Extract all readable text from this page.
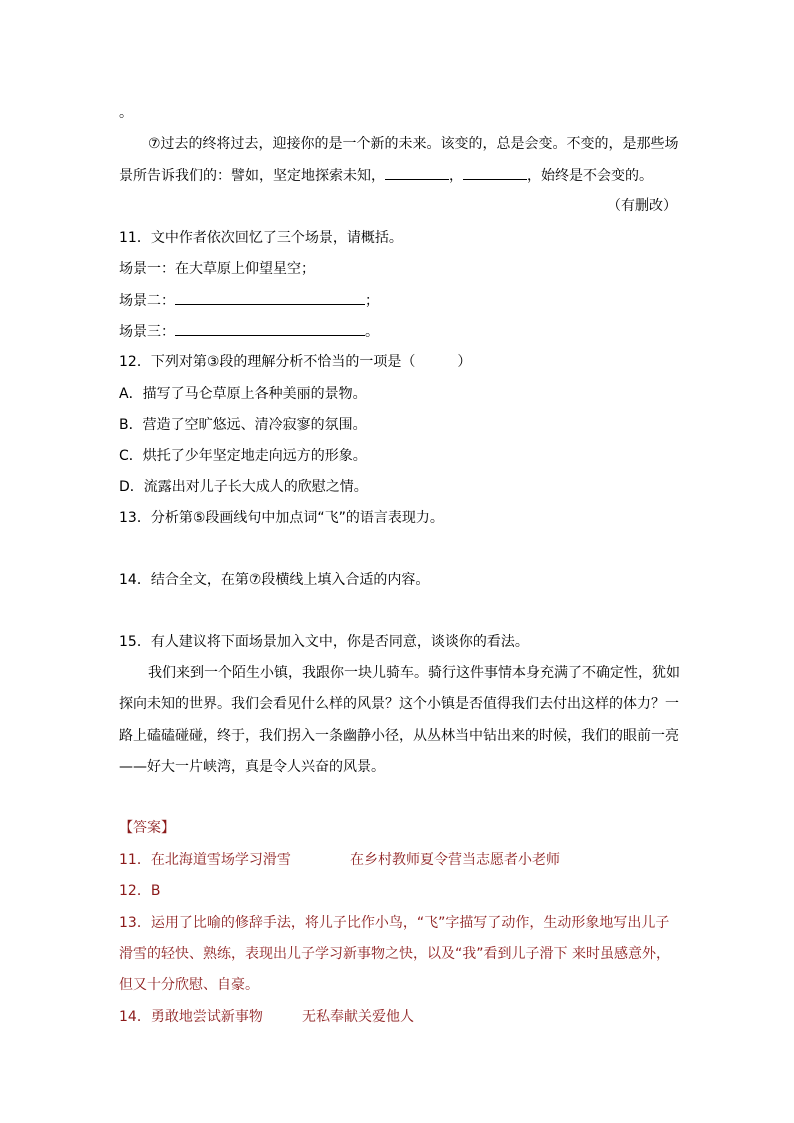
。
⑦过去的终将过去，迎接你的是一个新的未来。该变的，总是会变。不变的，是那些场
景所告诉我们的：譬如，坚定地探索未知，	，	，始终是不会变的。
（有删改）
11．文中作者依次回忆了三个场景，请概括。
场景一：在大草原上仰望星空；
场景二：	；
场景三：	。
12．下列对第③段的理解分析不恰当的一项是（　　　）
A．描写了马仑草原上各种美丽的景物。
B．营造了空旷悠远、清冷寂寥的氛围。
C．烘托了少年坚定地走向远方的形象。
D．流露出对儿子长大成人的欣慰之情。
13．分析第⑤段画线句中加点词“飞”的语言表现力。
14．结合全文，在第⑦段横线上填入合适的内容。
15．有人建议将下面场景加入文中，你是否同意，谈谈你的看法。
我们来到一个陌生小镇，我跟你一块儿骑车。骑行这件事情本身充满了不确定性，犹如
探向未知的世界。我们会看见什么样的风景？这个小镇是否值得我们去付出这样的体力？一
路上磕磕碰碰，终于，我们拐入一条幽静小径，从丛林当中钻出来的时候，我们的眼前一亮
——好大一片峡湾，真是令人兴奋的风景。
【答案】
11．在北海道雪场学习滑雪	在乡村教师夏令营当志愿者小老师
12．B
13．运用了比喻的修辞手法，将儿子比作小鸟，“飞”字描写了动作，生动形象地写出儿子
滑雪的轻快、熟练，表现出儿子学习新事物之快，以及“我”看到儿子滑下 来时虽感意外，
但又十分欣慰、自豪。
14．勇敢地尝试新事物	无私奉献关爱他人
